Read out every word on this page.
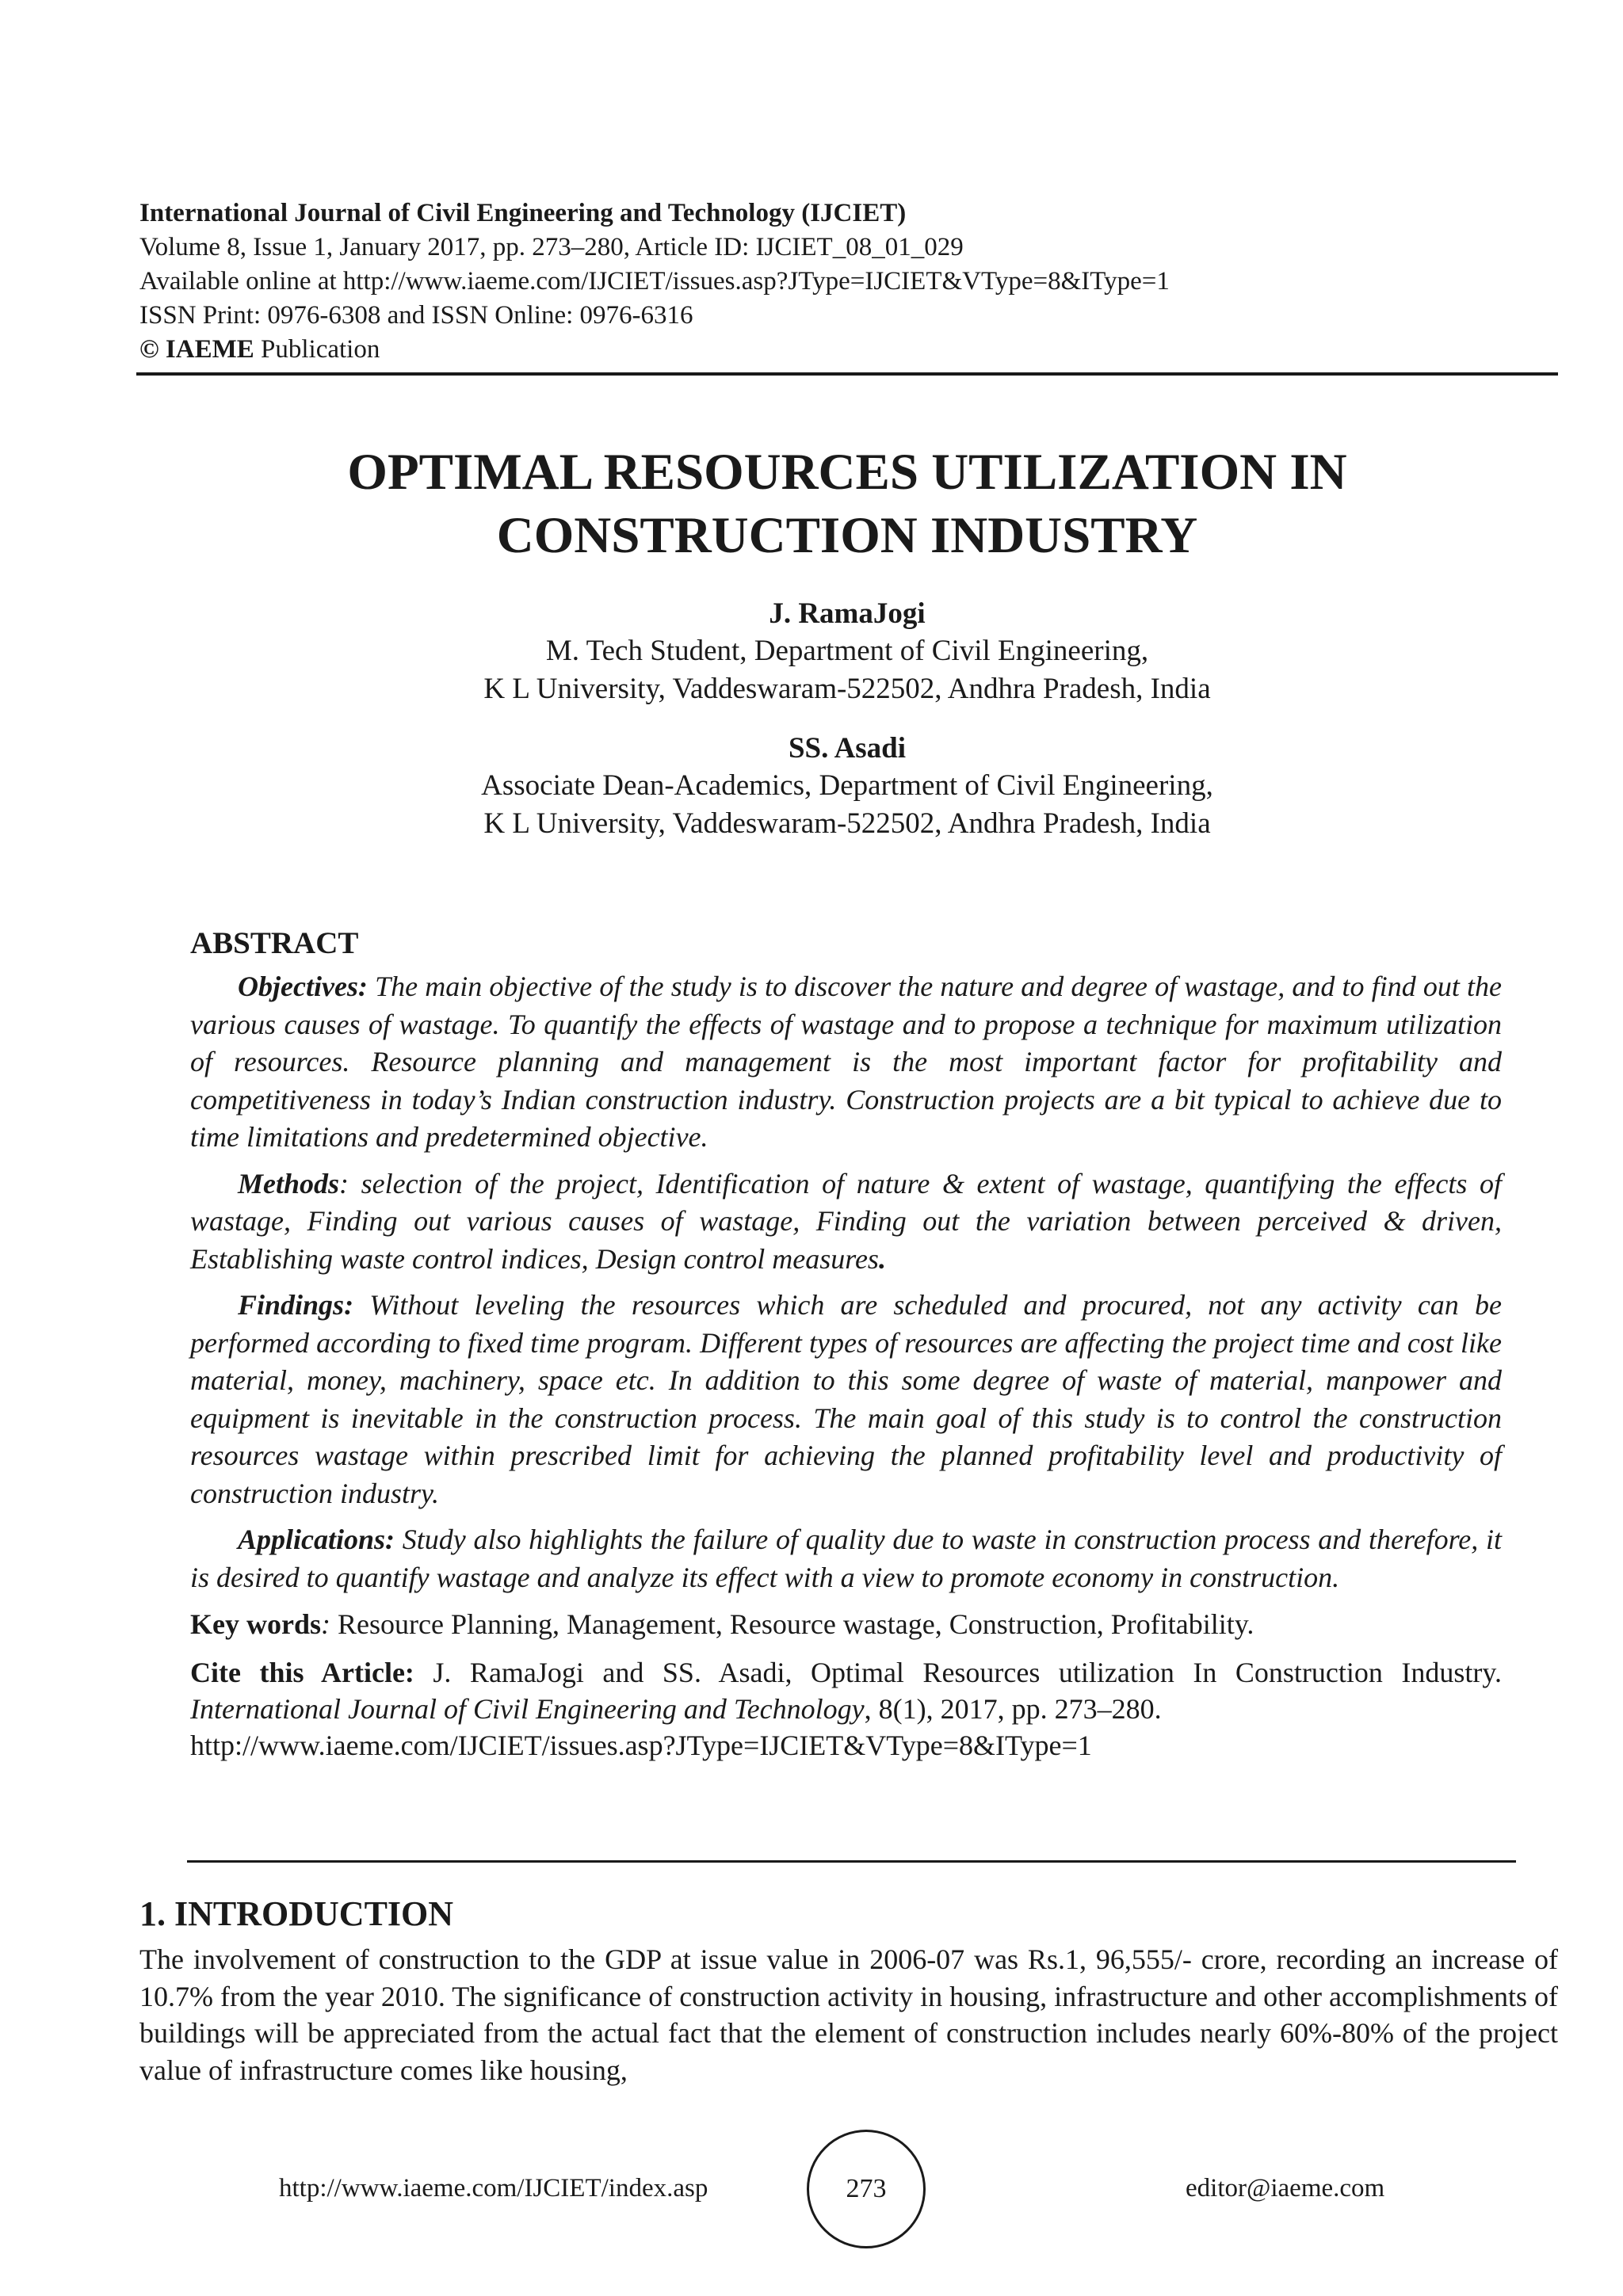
International Journal of Civil Engineering and Technology (IJCIET)
Volume 8, Issue 1, January 2017, pp. 273–280, Article ID: IJCIET_08_01_029
Available online at http://www.iaeme.com/IJCIET/issues.asp?JType=IJCIET&VType=8&IType=1
ISSN Print: 0976-6308 and ISSN Online: 0976-6316
© IAEME Publication
OPTIMAL RESOURCES UTILIZATION IN
CONSTRUCTION INDUSTRY
J. RamaJogi
M. Tech Student, Department of Civil Engineering,
K L University, Vaddeswaram-522502, Andhra Pradesh, India
SS. Asadi
Associate Dean-Academics, Department of Civil Engineering,
K L University, Vaddeswaram-522502, Andhra Pradesh, India
ABSTRACT
Objectives: The main objective of the study is to discover the nature and degree of wastage, and to find out the various causes of wastage. To quantify the effects of wastage and to propose a technique for maximum utilization of resources. Resource planning and management is the most important factor for profitability and competitiveness in today’s Indian construction industry. Construction projects are a bit typical to achieve due to time limitations and predetermined objective.
Methods: selection of the project, Identification of nature & extent of wastage, quantifying the effects of wastage, Finding out various causes of wastage, Finding out the variation between perceived & driven, Establishing waste control indices, Design control measures.
Findings: Without leveling the resources which are scheduled and procured, not any activity can be performed according to fixed time program. Different types of resources are affecting the project time and cost like material, money, machinery, space etc. In addition to this some degree of waste of material, manpower and equipment is inevitable in the construction process. The main goal of this study is to control the construction resources wastage within prescribed limit for achieving the planned profitability level and productivity of construction industry.
Applications: Study also highlights the failure of quality due to waste in construction process and therefore, it is desired to quantify wastage and analyze its effect with a view to promote economy in construction.
Key words: Resource Planning, Management, Resource wastage, Construction, Profitability.
Cite this Article: J. RamaJogi and SS. Asadi, Optimal Resources utilization In Construction Industry. International Journal of Civil Engineering and Technology, 8(1), 2017, pp. 273–280.
http://www.iaeme.com/IJCIET/issues.asp?JType=IJCIET&VType=8&IType=1
1. INTRODUCTION
The involvement of construction to the GDP at issue value in 2006-07 was Rs.1, 96,555/- crore, recording an increase of 10.7% from the year 2010. The significance of construction activity in housing, infrastructure and other accomplishments of buildings will be appreciated from the actual fact that the element of construction includes nearly 60%-80% of the project value of infrastructure comes like housing,
http://www.iaeme.com/IJCIET/index.asp	273	editor@iaeme.com
